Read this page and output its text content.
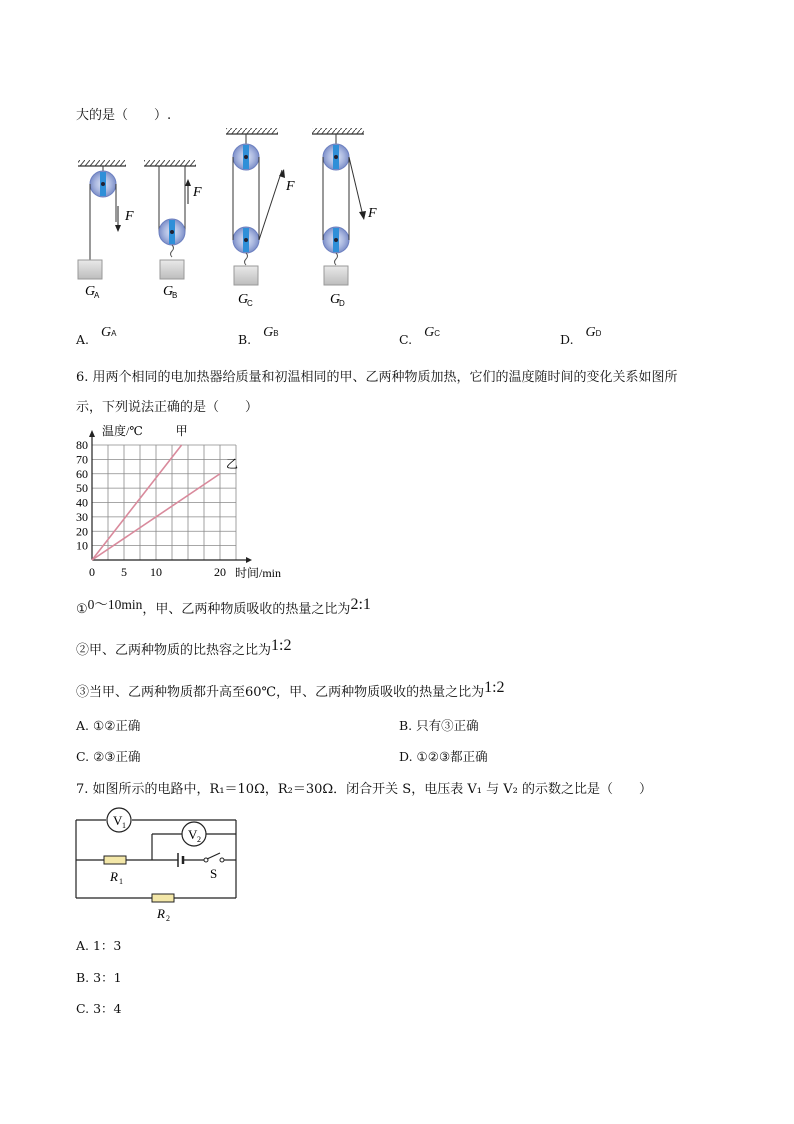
大的是（　　）.
F
G
A
F
G
B
F
G
C
F
G
D
A. GA	B. GB	C. GC	D. GD
6. 用两个相同的电加热器给质量和初温相同的甲、乙两种物质加热，它们的温度随时间的变化关系如图所
示，下列说法正确的是（　　）
10
20
30
40
50
60
70
80
0 5 10	20
甲
乙
温度/℃
时间/min
①0～10min，甲、乙两种物质吸收的热量之比为2:1
②甲、乙两种物质的比热容之比为1:2
③当甲、乙两种物质都升高至60℃，甲、乙两种物质吸收的热量之比为1:2
A. ①②正确	B. 只有③正确
C. ②③正确	D. ①②③都正确
7. 如图所示的电路中，R₁＝10Ω，R₂＝30Ω．闭合开关 S，电压表 V₁ 与 V₂ 的示数之比是（　　）
V 1
V 2
R 1
S
R 2
A. 1：3
B. 3：1
C. 3：4
